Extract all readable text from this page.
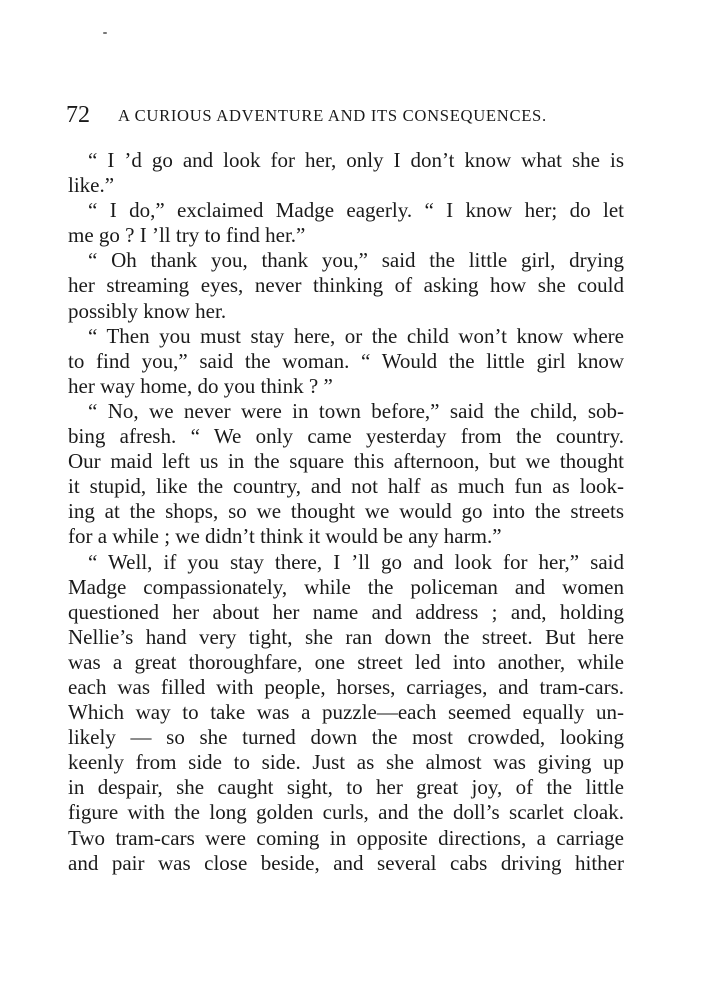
72 A CURIOUS ADVENTURE AND ITS CONSEQUENCES.
“ I ’d go and look for her, only I don’t know what she is
like.”
“ I do,” exclaimed Madge eagerly. “ I know her; do let
me go ? I ’ll try to find her.”
“ Oh thank you, thank you,” said the little girl, drying
her streaming eyes, never thinking of asking how she could
possibly know her.
“ Then you must stay here, or the child won’t know where
to find you,” said the woman. “ Would the little girl know
her way home, do you think ? ”
“ No, we never were in town before,” said the child, sob-
bing afresh. “ We only came yesterday from the country.
Our maid left us in the square this afternoon, but we thought
it stupid, like the country, and not half as much fun as look-
ing at the shops, so we thought we would go into the streets
for a while ; we didn’t think it would be any harm.”
“ Well, if you stay there, I ’ll go and look for her,” said
Madge compassionately, while the policeman and women
questioned her about her name and address ; and, holding
Nellie’s hand very tight, she ran down the street. But here
was a great thoroughfare, one street led into another, while
each was filled with people, horses, carriages, and tram-cars.
Which way to take was a puzzle—each seemed equally un-
likely — so she turned down the most crowded, looking
keenly from side to side. Just as she almost was giving up
in despair, she caught sight, to her great joy, of the little
figure with the long golden curls, and the doll’s scarlet cloak.
Two tram-cars were coming in opposite directions, a carriage
and pair was close beside, and several cabs driving hither
